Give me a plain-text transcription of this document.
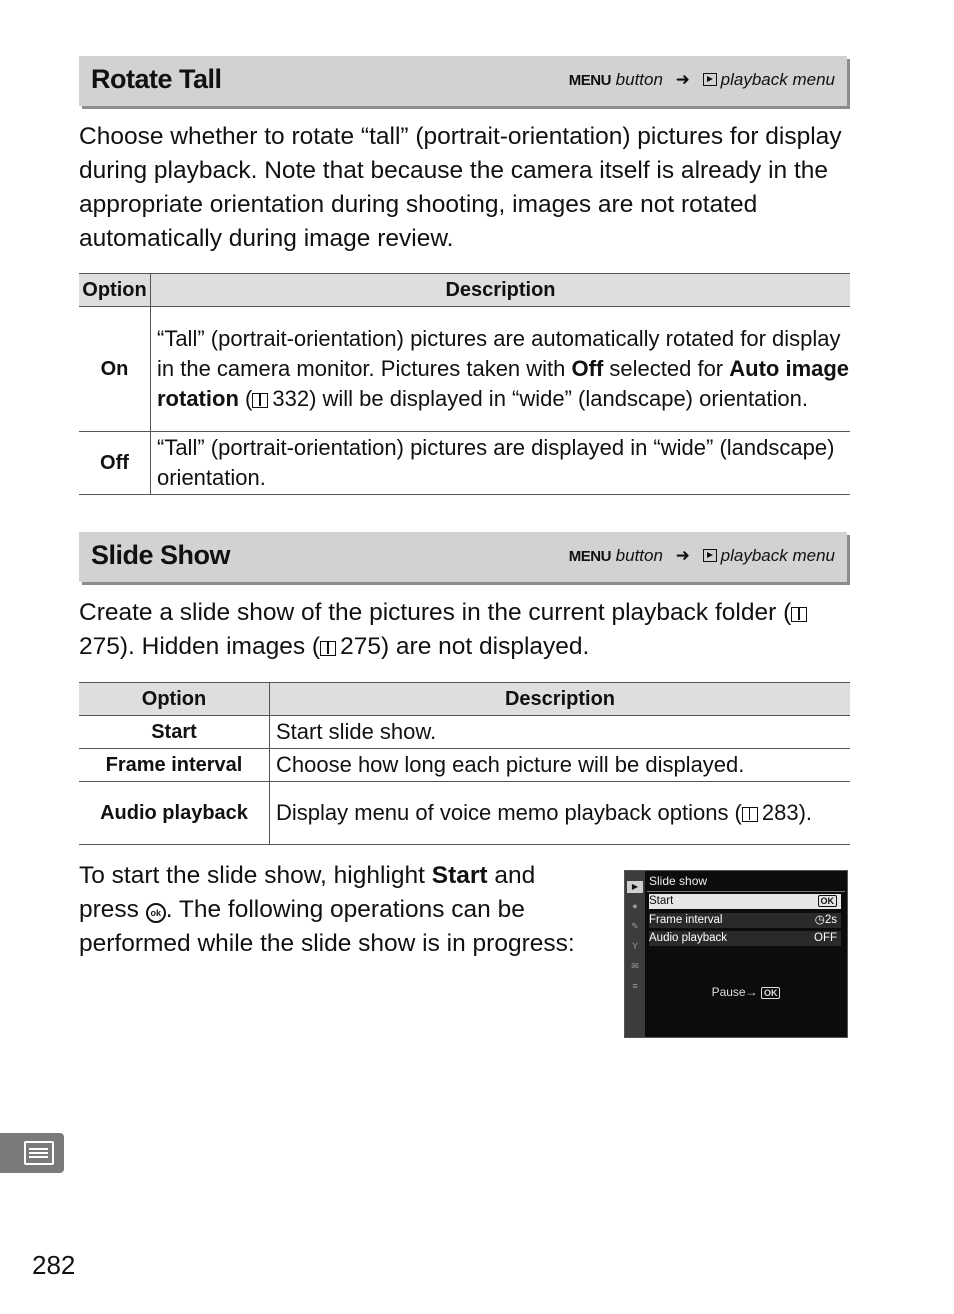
Rotate Tall	MENU button ➜ playback menu
Choose whether to rotate “tall” (portrait-orientation) pictures for display during playback. Note that because the camera itself is already in the appropriate orientation during shooting, images are not rotated automatically during image review.
Option	Description
On	“Tall” (portrait-orientation) pictures are automatically rotated for display in the camera monitor. Pictures taken with Off selected for Auto image rotation ( 332) will be displayed in “wide” (landscape) orientation.
Off	“Tall” (portrait-orientation) pictures are displayed in “wide” (landscape) orientation.
Slide Show	MENU button ➜ playback menu
Create a slide show of the pictures in the current playback folder (275). Hidden images ( 275) are not displayed.
Option	Description
Start	Start slide show.
Frame interval	Choose how long each picture will be displayed.
Audio playback	Display menu of voice memo playback options ( 283).
To start the slide show, highlight Start and press ok . The following operations can be performed while the slide show is in progress:
▶
●
✎
Y
✉
≡
Slide show
Start	OK
Frame interval	◷2s
Audio playback	OFF
Pause→ OK
282
